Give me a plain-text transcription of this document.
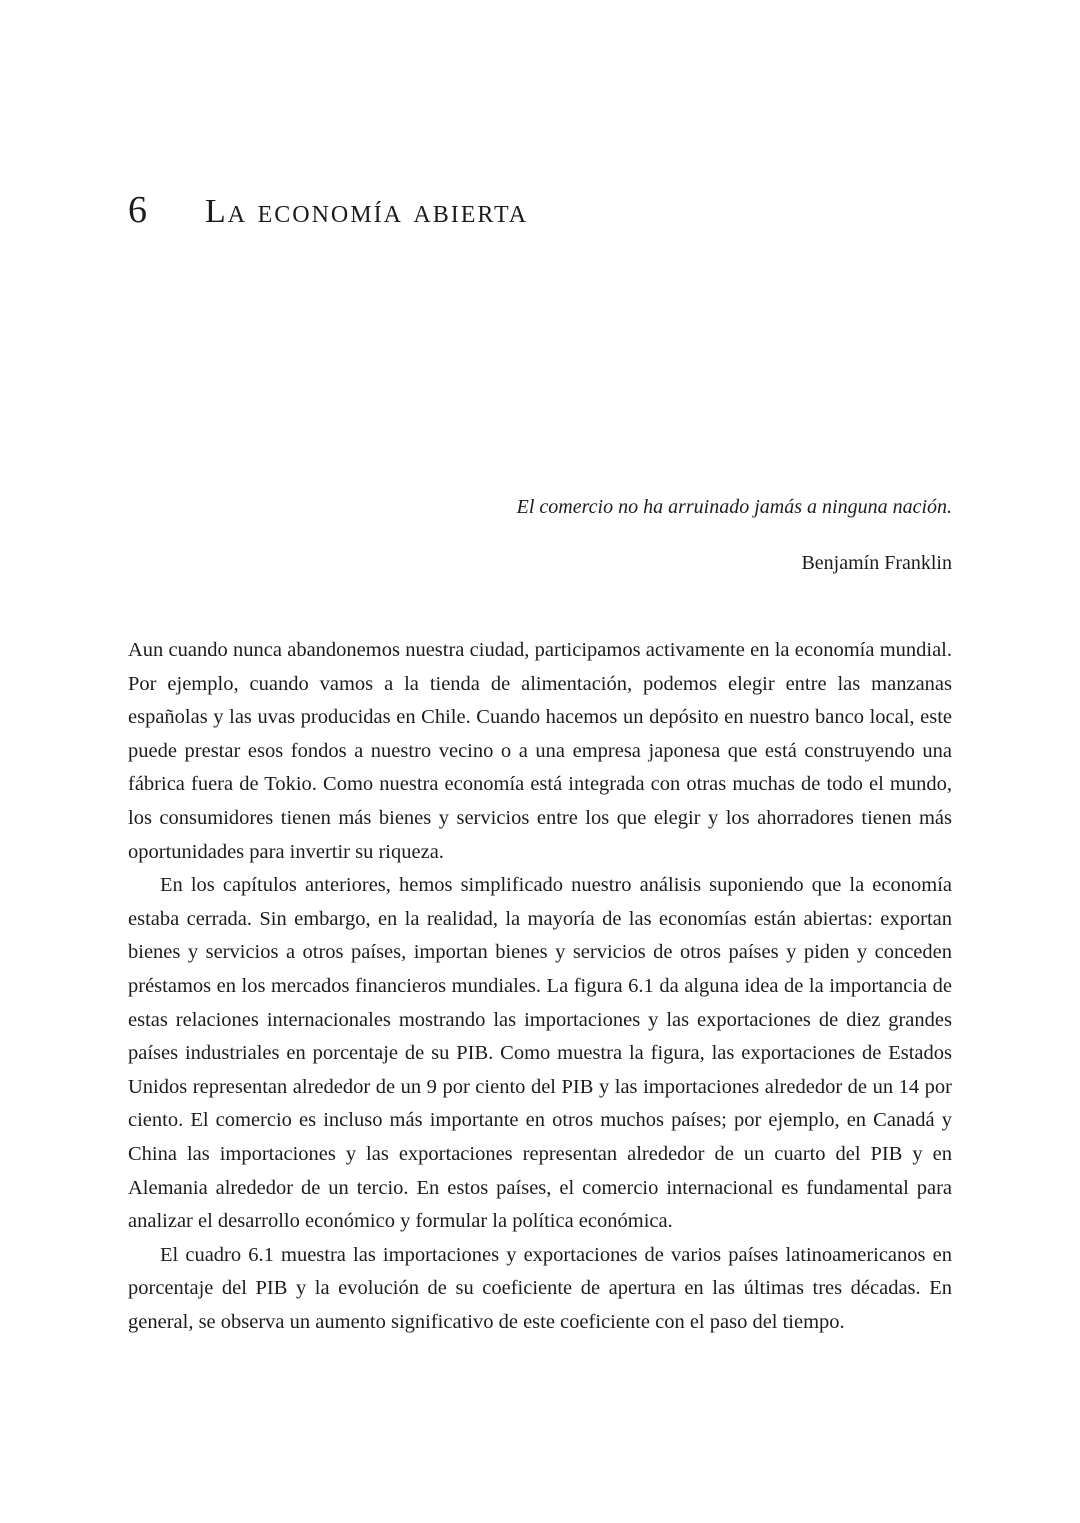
6 La economía abierta
El comercio no ha arruinado jamás a ninguna nación.
Benjamín Franklin

Aun cuando nunca abandonemos nuestra ciudad, participamos activamente en la economía mundial. Por ejemplo, cuando vamos a la tienda de alimentación, podemos elegir entre las manzanas españolas y las uvas producidas en Chile. Cuando hacemos un depósito en nuestro banco local, este puede prestar esos fondos a nuestro vecino o a una empresa japonesa que está construyendo una fábrica fuera de Tokio. Como nuestra economía está integrada con otras muchas de todo el mundo, los consumidores tienen más bienes y servicios entre los que elegir y los ahorradores tienen más oportunidades para invertir su riqueza.

En los capítulos anteriores, hemos simplificado nuestro análisis suponiendo que la economía estaba cerrada. Sin embargo, en la realidad, la mayoría de las economías están abiertas: exportan bienes y servicios a otros países, importan bienes y servicios de otros países y piden y conceden préstamos en los mercados financieros mundiales. La figura 6.1 da alguna idea de la importancia de estas relaciones internacionales mostrando las importaciones y las exportaciones de diez grandes países industriales en porcentaje de su PIB. Como muestra la figura, las exportaciones de Estados Unidos representan alrededor de un 9 por ciento del PIB y las importaciones alrededor de un 14 por ciento. El comercio es incluso más importante en otros muchos países; por ejemplo, en Canadá y China las importaciones y las exportaciones representan alrededor de un cuarto del PIB y en Alemania alrededor de un tercio. En estos países, el comercio internacional es fundamental para analizar el desarrollo económico y formular la política económica.

El cuadro 6.1 muestra las importaciones y exportaciones de varios países latinoamericanos en porcentaje del PIB y la evolución de su coeficiente de apertura en las últimas tres décadas. En general, se observa un aumento significativo de este coeficiente con el paso del tiempo.
